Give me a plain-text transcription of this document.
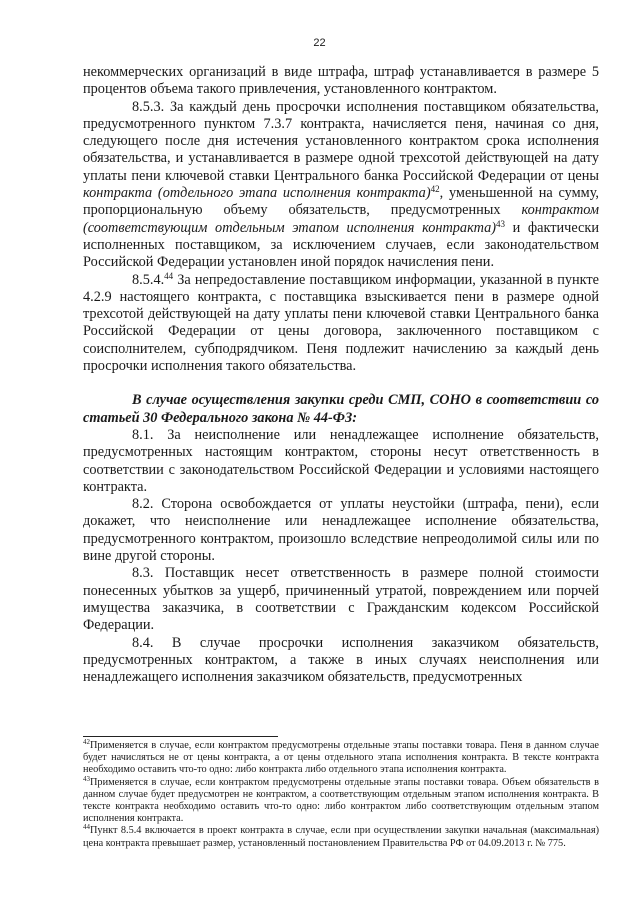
22

некоммерческих организаций в виде штрафа, штраф устанавливается в размере 5 процентов объема такого привлечения, установленного контрактом.

8.5.3. За каждый день просрочки исполнения поставщиком обязательства, предусмотренного пунктом 7.3.7 контракта, начисляется пеня, начиная со дня, следующего после дня истечения установленного контрактом срока исполнения обязательства, и устанавливается в размере одной трехсотой действующей на дату уплаты пени ключевой ставки Центрального банка Российской Федерации от цены контракта (отдельного этапа исполнения контракта)$^{42}$, уменьшенной на сумму, пропорциональную объему обязательств, предусмотренных контрактом (соответствующим отдельным этапом исполнения контракта)$^{43}$ и фактически исполненных поставщиком, за исключением случаев, если законодательством Российской Федерации установлен иной порядок начисления пени.

8.5.4.44 За непредоставление поставщиком информации, указанной в пункте 4.2.9 настоящего контракта, с поставщика взыскивается пени в размере одной трехсотой действующей на дату уплаты пени ключевой ставки Центрального банка Российской Федерации от цены договора, заключенного поставщиком с соисполнителем, субподрядчиком. Пеня подлежит начислению за каждый день просрочки исполнения такого обязательства.

В случае осуществления закупки среди СМП, СОНО в соответствии со статьей 30 Федерального закона № 44-ФЗ:

8.1. За неисполнение или ненадлежащее исполнение обязательств, предусмотренных настоящим контрактом, стороны несут ответственность в соответствии с законодательством Российской Федерации и условиями настоящего контракта.

8.2. Сторона освобождается от уплаты неустойки (штрафа, пени), если докажет, что неисполнение или ненадлежащее исполнение обязательства, предусмотренного контрактом, произошло вследствие непреодолимой силы или по вине другой стороны.

8.3. Поставщик несет ответственность в размере полной стоимости понесенных убытков за ущерб, причиненный утратой, повреждением или порчей имущества заказчика, в соответствии с Гражданским кодексом Российской Федерации.

8.4. В случае просрочки исполнения заказчиком обязательств, предусмотренных контрактом, а также в иных случаях неисполнения или ненадлежащего исполнения заказчиком обязательств, предусмотренных

$^{42}$Применяется в случае, если контрактом предусмотрены отдельные этапы поставки товара. Пеня в данном случае будет начисляться не от цены контракта, а от цены отдельного этапа исполнения контракта. В тексте контракта необходимо оставить что-то одно: либо контракта либо отдельного этапа исполнения контракта.

$^{43}$Применяется в случае, если контрактом предусмотрены отдельные этапы поставки товара. Объем обязательств в данном случае будет предусмотрен не контрактом, а соответствующим отдельным этапом исполнения контракта. В тексте контракта необходимо оставить что-то одно: либо контрактом либо соответствующим отдельным этапом исполнения контракта.

$^{44}$Пункт 8.5.4 включается в проект контракта в случае, если при осуществлении закупки начальная (максимальная) цена контракта превышает размер, установленный постановлением Правительства РФ от 04.09.2013 г. № 775.
